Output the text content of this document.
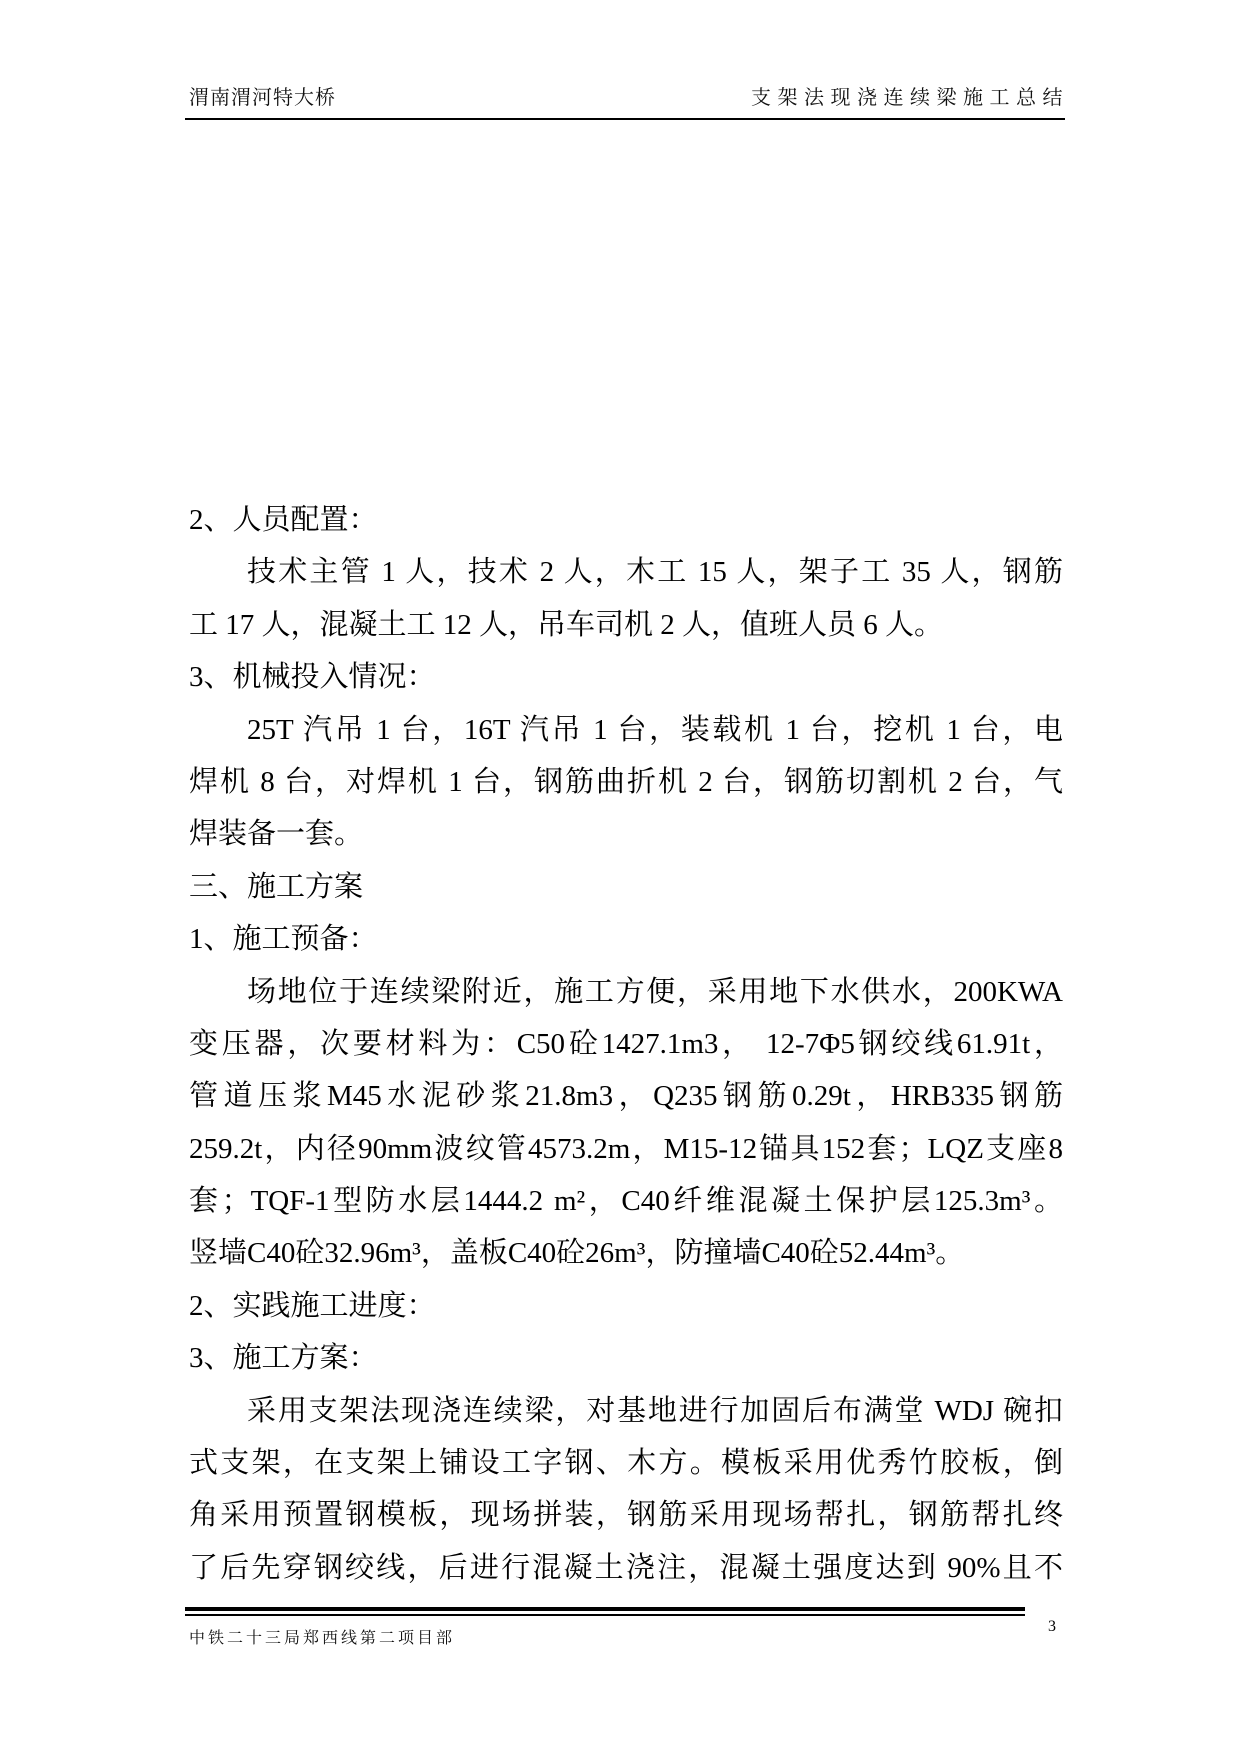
渭南渭河特大桥	支架法现浇连续梁施工总结
2、人员配置：
技术主管 1 人，技术 2 人，木工 15 人，架子工 35 人，钢筋
工 17 人，混凝土工 12 人，吊车司机 2 人，值班人员 6 人。
3、机械投入情况：
25T 汽吊 1 台，16T 汽吊 1 台，装载机 1 台，挖机 1 台，电
焊机 8 台，对焊机 1 台，钢筋曲折机 2 台，钢筋切割机 2 台，气
焊装备一套。
三、施工方案
1、施工预备：
场地位于连续梁附近，施工方便，采用地下水供水，200KWA
变压器，次要材料为：C50砼1427.1m3， 12-7Φ5钢绞线61.91t，
管道压浆M45水泥砂浆21.8m3，Q235钢筋0.29t，HRB335钢筋
259.2t，内径90mm波纹管4573.2m，M15-12锚具152套；LQZ支座8
套；TQF-1型防水层1444.2 m²，C40纤维混凝土保护层125.3m³。
竖墙C40砼32.96m³，盖板C40砼26m³，防撞墙C40砼52.44m³。
2、实践施工进度：
3、施工方案：
采用支架法现浇连续梁，对基地进行加固后布满堂 WDJ 碗扣
式支架，在支架上铺设工字钢、木方。模板采用优秀竹胶板，倒
角采用预置钢模板，现场拼装，钢筋采用现场帮扎，钢筋帮扎终
了后先穿钢绞线，后进行混凝土浇注，混凝土强度达到 90%且不
中铁二十三局郑西线第二项目部
3
